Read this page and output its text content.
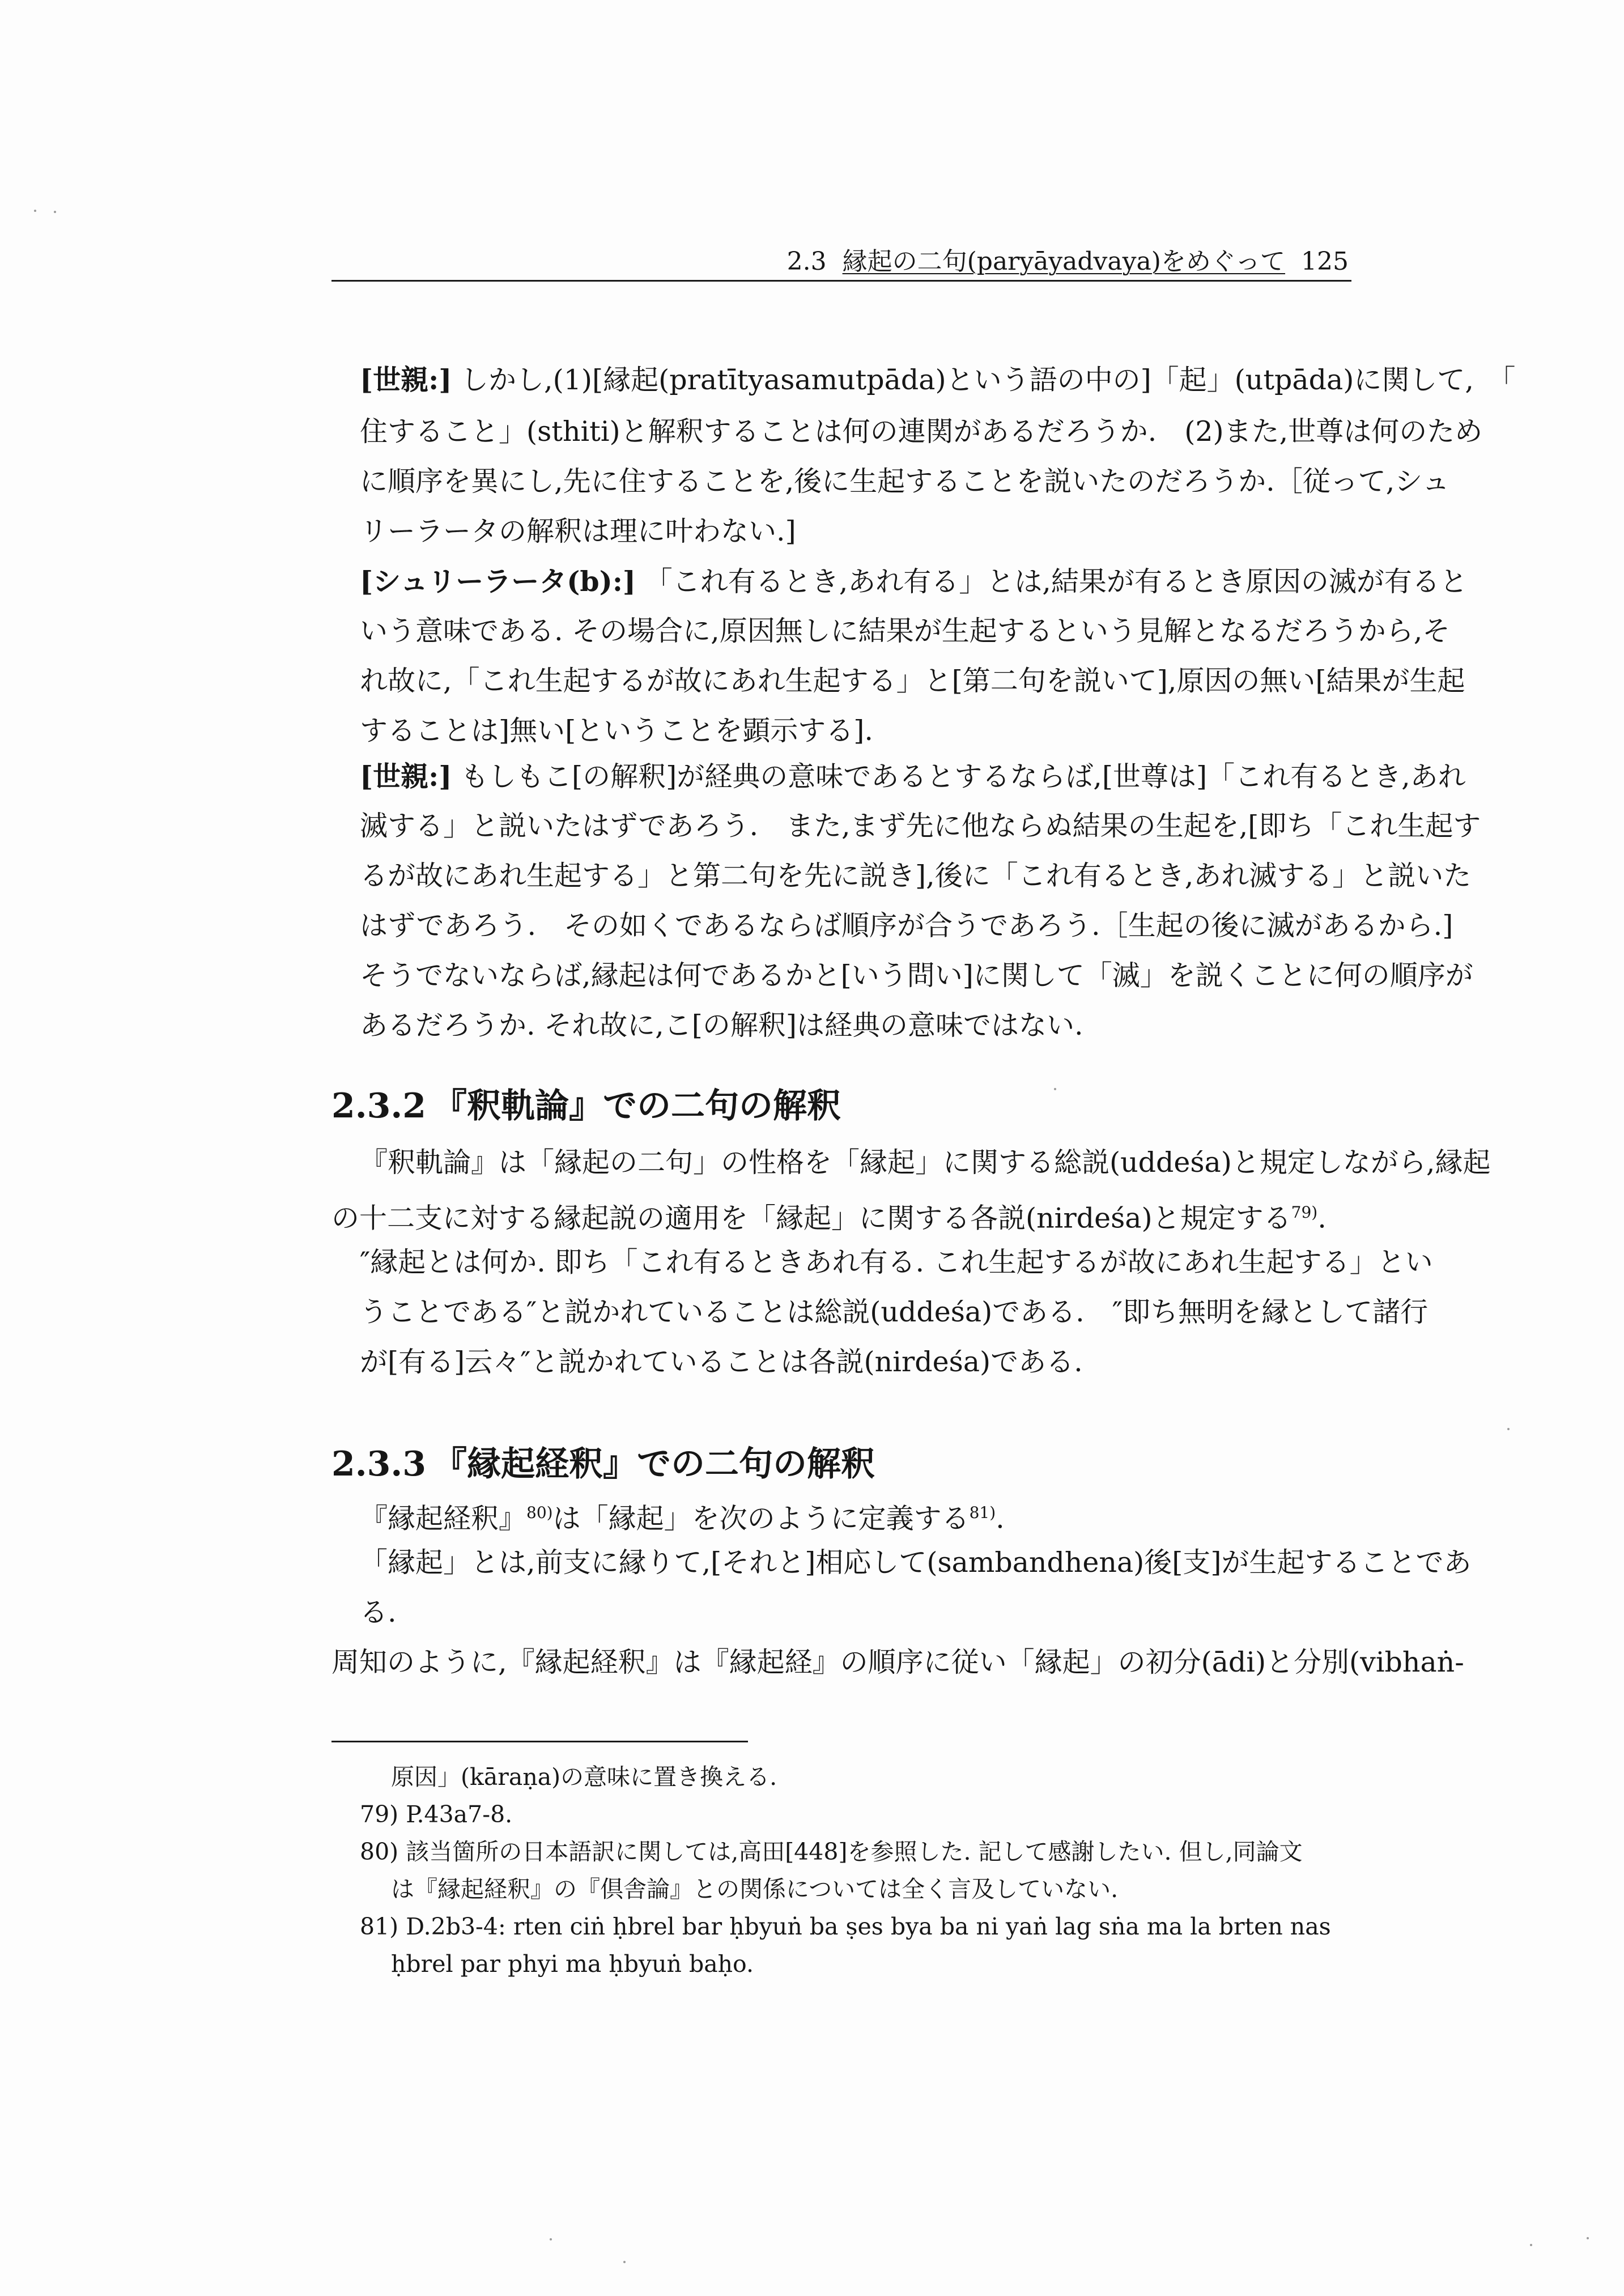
2.3 縁起の二句(paryāyadvaya)をめぐって 125
[世親:] しかし,(1)[縁起(pratītyasamutpāda)という語の中の]「起」(utpāda)に関して,　「
住すること」(sthiti)と解釈することは何の連関があるだろうか.　(2)また,世尊は何のため
に順序を異にし,先に住することを,後に生起することを説いたのだろうか.［従って,シュ
リーラータの解釈は理に叶わない.]
[シュリーラータ(b):] 「これ有るとき,あれ有る」とは,結果が有るとき原因の滅が有ると
いう意味である. その場合に,原因無しに結果が生起するという見解となるだろうから,そ
れ故に,「これ生起するが故にあれ生起する」と[第二句を説いて],原因の無い[結果が生起
することは]無い[ということを顕示する].
[世親:] もしもこ[の解釈]が経典の意味であるとするならば,[世尊は]「これ有るとき,あれ
滅する」と説いたはずであろう.　また,まず先に他ならぬ結果の生起を,[即ち「これ生起す
るが故にあれ生起する」と第二句を先に説き],後に「これ有るとき,あれ滅する」と説いた
はずであろう.　その如くであるならば順序が合うであろう.［生起の後に滅があるから.]
そうでないならば,縁起は何であるかと[いう問い]に関して「滅」を説くことに何の順序が
あるだろうか. それ故に,こ[の解釈]は経典の意味ではない.
2.3.2 『釈軌論』での二句の解釈
『釈軌論』は「縁起の二句」の性格を「縁起」に関する総説(uddeśa)と規定しながら,縁起
の十二支に対する縁起説の適用を「縁起」に関する各説(nirdeśa)と規定する$^{79)}$.
″縁起とは何か. 即ち「これ有るときあれ有る. これ生起するが故にあれ生起する」とい
うことである″と説かれていることは総説(uddeśa)である.　″即ち無明を縁として諸行
が[有る]云々″と説かれていることは各説(nirdeśa)である.
2.3.3 『縁起経釈』での二句の解釈
『縁起経釈』$^{80)}$は「縁起」を次のように定義する$^{81)}$.
「縁起」とは,前支に縁りて,[それと]相応して(sambandhena)後[支]が生起することであ
る.
周知のように,『縁起経釈』は『縁起経』の順序に従い「縁起」の初分(ādi)と分別(vibhaṅ-
原因」(kāraṇa)の意味に置き換える.
79) P.43a7-8.
80) 該当箇所の日本語訳に関しては,高田[448]を参照した. 記して感謝したい. 但し,同論文
は『縁起経釈』の『倶舎論』との関係については全く言及していない.
81) D.2b3-4: rten ciṅ ḥbrel bar ḥbyuṅ ba ṣes bya ba ni yaṅ lag sṅa ma la brten nas
ḥbrel par phyi ma ḥbyuṅ baḥo.
